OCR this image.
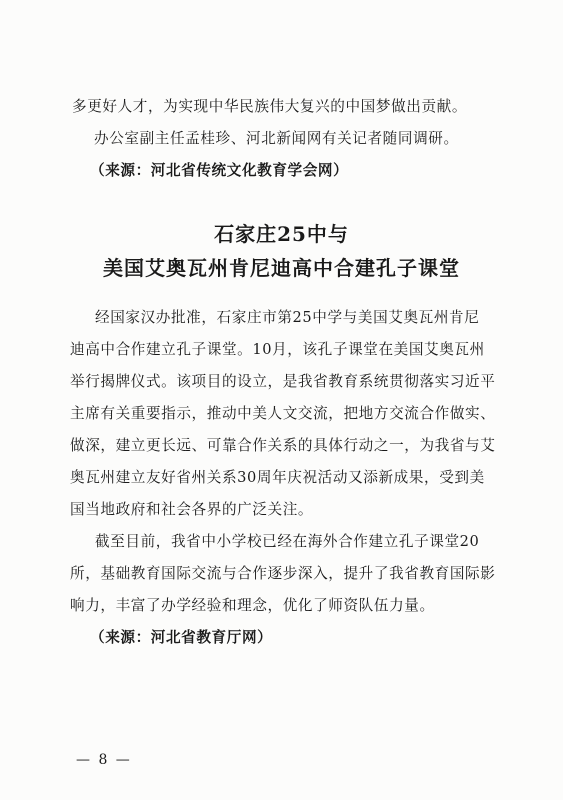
多更好人才，为实现中华民族伟大复兴的中国梦做出贡献。
办公室副主任孟桂珍、河北新闻网有关记者随同调研。
（来源：河北省传统文化教育学会网）
石家庄25中与
美国艾奥瓦州肯尼迪高中合建孔子课堂
经国家汉办批准，石家庄市第25中学与美国艾奥瓦州肯尼
迪高中合作建立孔子课堂。10月，该孔子课堂在美国艾奥瓦州
举行揭牌仪式。该项目的设立，是我省教育系统贯彻落实习近平
主席有关重要指示，推动中美人文交流，把地方交流合作做实、
做深，建立更长远、可靠合作关系的具体行动之一，为我省与艾
奥瓦州建立友好省州关系30周年庆祝活动又添新成果，受到美
国当地政府和社会各界的广泛关注。
截至目前，我省中小学校已经在海外合作建立孔子课堂20
所，基础教育国际交流与合作逐步深入，提升了我省教育国际影
响力，丰富了办学经验和理念，优化了师资队伍力量。
（来源：河北省教育厅网）
— 8 —
